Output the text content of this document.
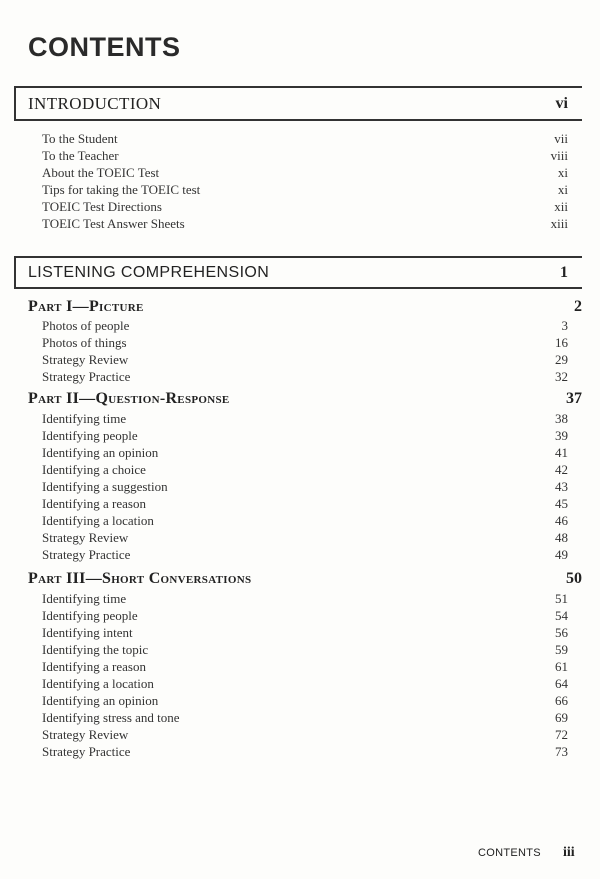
CONTENTS
INTRODUCTION	vi
To the Student	vii
To the Teacher	viii
About the TOEIC Test	xi
Tips for taking the TOEIC test	xi
TOEIC Test Directions	xii
TOEIC Test Answer Sheets	xiii
LISTENING COMPREHENSION	1
Part I—Picture	2
Photos of people	3
Photos of things	16
Strategy Review	29
Strategy Practice	32
Part II—Question-Response	37
Identifying time	38
Identifying people	39
Identifying an opinion	41
Identifying a choice	42
Identifying a suggestion	43
Identifying a reason	45
Identifying a location	46
Strategy Review	48
Strategy Practice	49
Part III—Short Conversations	50
Identifying time	51
Identifying people	54
Identifying intent	56
Identifying the topic	59
Identifying a reason	61
Identifying a location	64
Identifying an opinion	66
Identifying stress and tone	69
Strategy Review	72
Strategy Practice	73
CONTENTS iii
